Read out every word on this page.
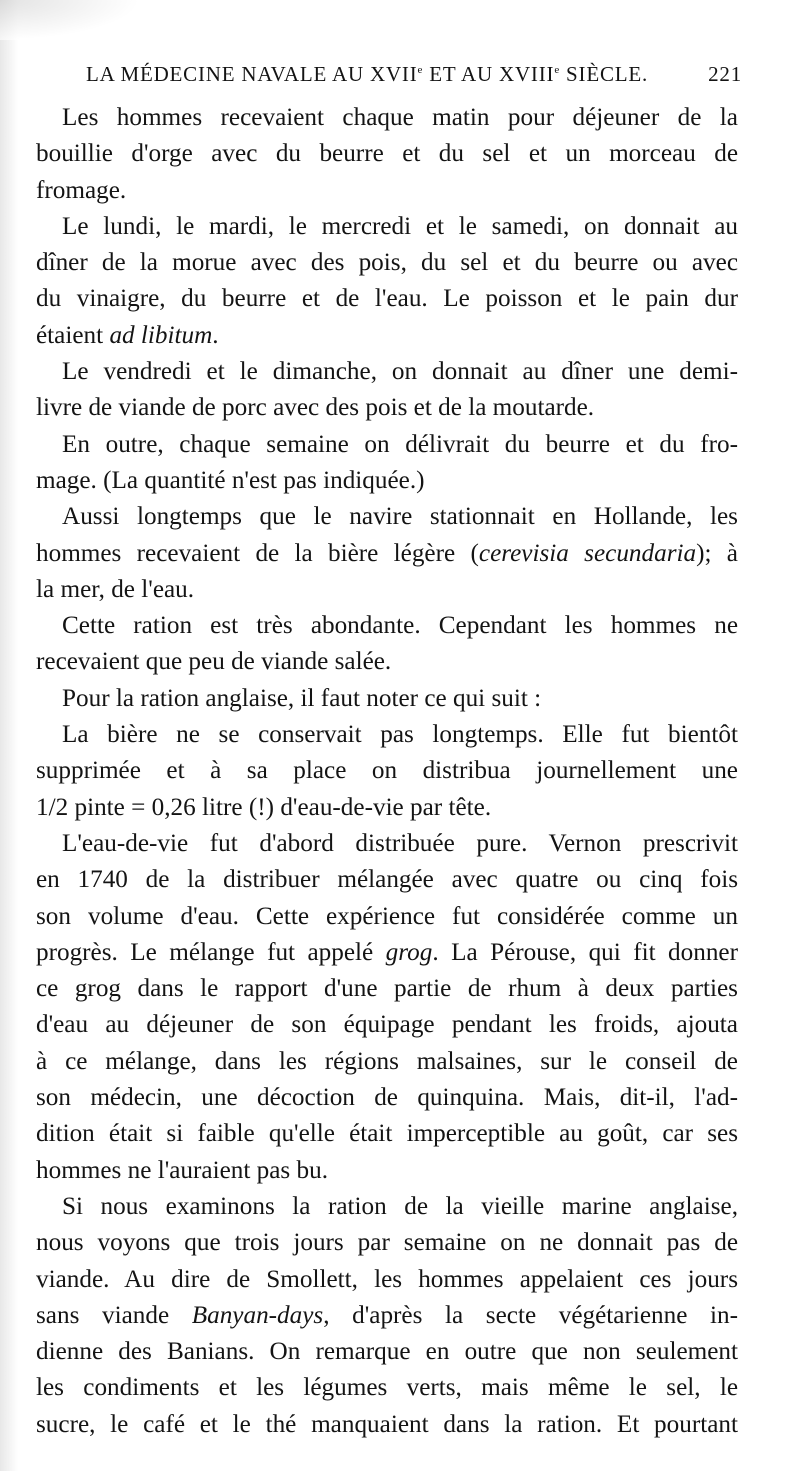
LA MÉDECINE NAVALE AU XVIIe ET AU XVIIIe SIÈCLE.	221
Les hommes recevaient chaque matin pour déjeuner de la
bouillie d'orge avec du beurre et du sel et un morceau de
fromage.
Le lundi, le mardi, le mercredi et le samedi, on donnait au
dîner de la morue avec des pois, du sel et du beurre ou avec
du vinaigre, du beurre et de l'eau. Le poisson et le pain dur
étaient ad libitum.
Le vendredi et le dimanche, on donnait au dîner une demi-
livre de viande de porc avec des pois et de la moutarde.
En outre, chaque semaine on délivrait du beurre et du fro-
mage. (La quantité n'est pas indiquée.)
Aussi longtemps que le navire stationnait en Hollande, les
hommes recevaient de la bière légère (cerevisia secundaria); à
la mer, de l'eau.
Cette ration est très abondante. Cependant les hommes ne
recevaient que peu de viande salée.
Pour la ration anglaise, il faut noter ce qui suit :
La bière ne se conservait pas longtemps. Elle fut bientôt
supprimée et à sa place on distribua journellement une
1/2 pinte = 0,26 litre (!) d'eau-de-vie par tête.
L'eau-de-vie fut d'abord distribuée pure. Vernon prescrivit
en 1740 de la distribuer mélangée avec quatre ou cinq fois
son volume d'eau. Cette expérience fut considérée comme un
progrès. Le mélange fut appelé grog. La Pérouse, qui fit donner
ce grog dans le rapport d'une partie de rhum à deux parties
d'eau au déjeuner de son équipage pendant les froids, ajouta
à ce mélange, dans les régions malsaines, sur le conseil de
son médecin, une décoction de quinquina. Mais, dit-il, l'ad-
dition était si faible qu'elle était imperceptible au goût, car ses
hommes ne l'auraient pas bu.
Si nous examinons la ration de la vieille marine anglaise,
nous voyons que trois jours par semaine on ne donnait pas de
viande. Au dire de Smollett, les hommes appelaient ces jours
sans viande Banyan-days, d'après la secte végétarienne in-
dienne des Banians. On remarque en outre que non seulement
les condiments et les légumes verts, mais même le sel, le
sucre, le café et le thé manquaient dans la ration. Et pourtant
